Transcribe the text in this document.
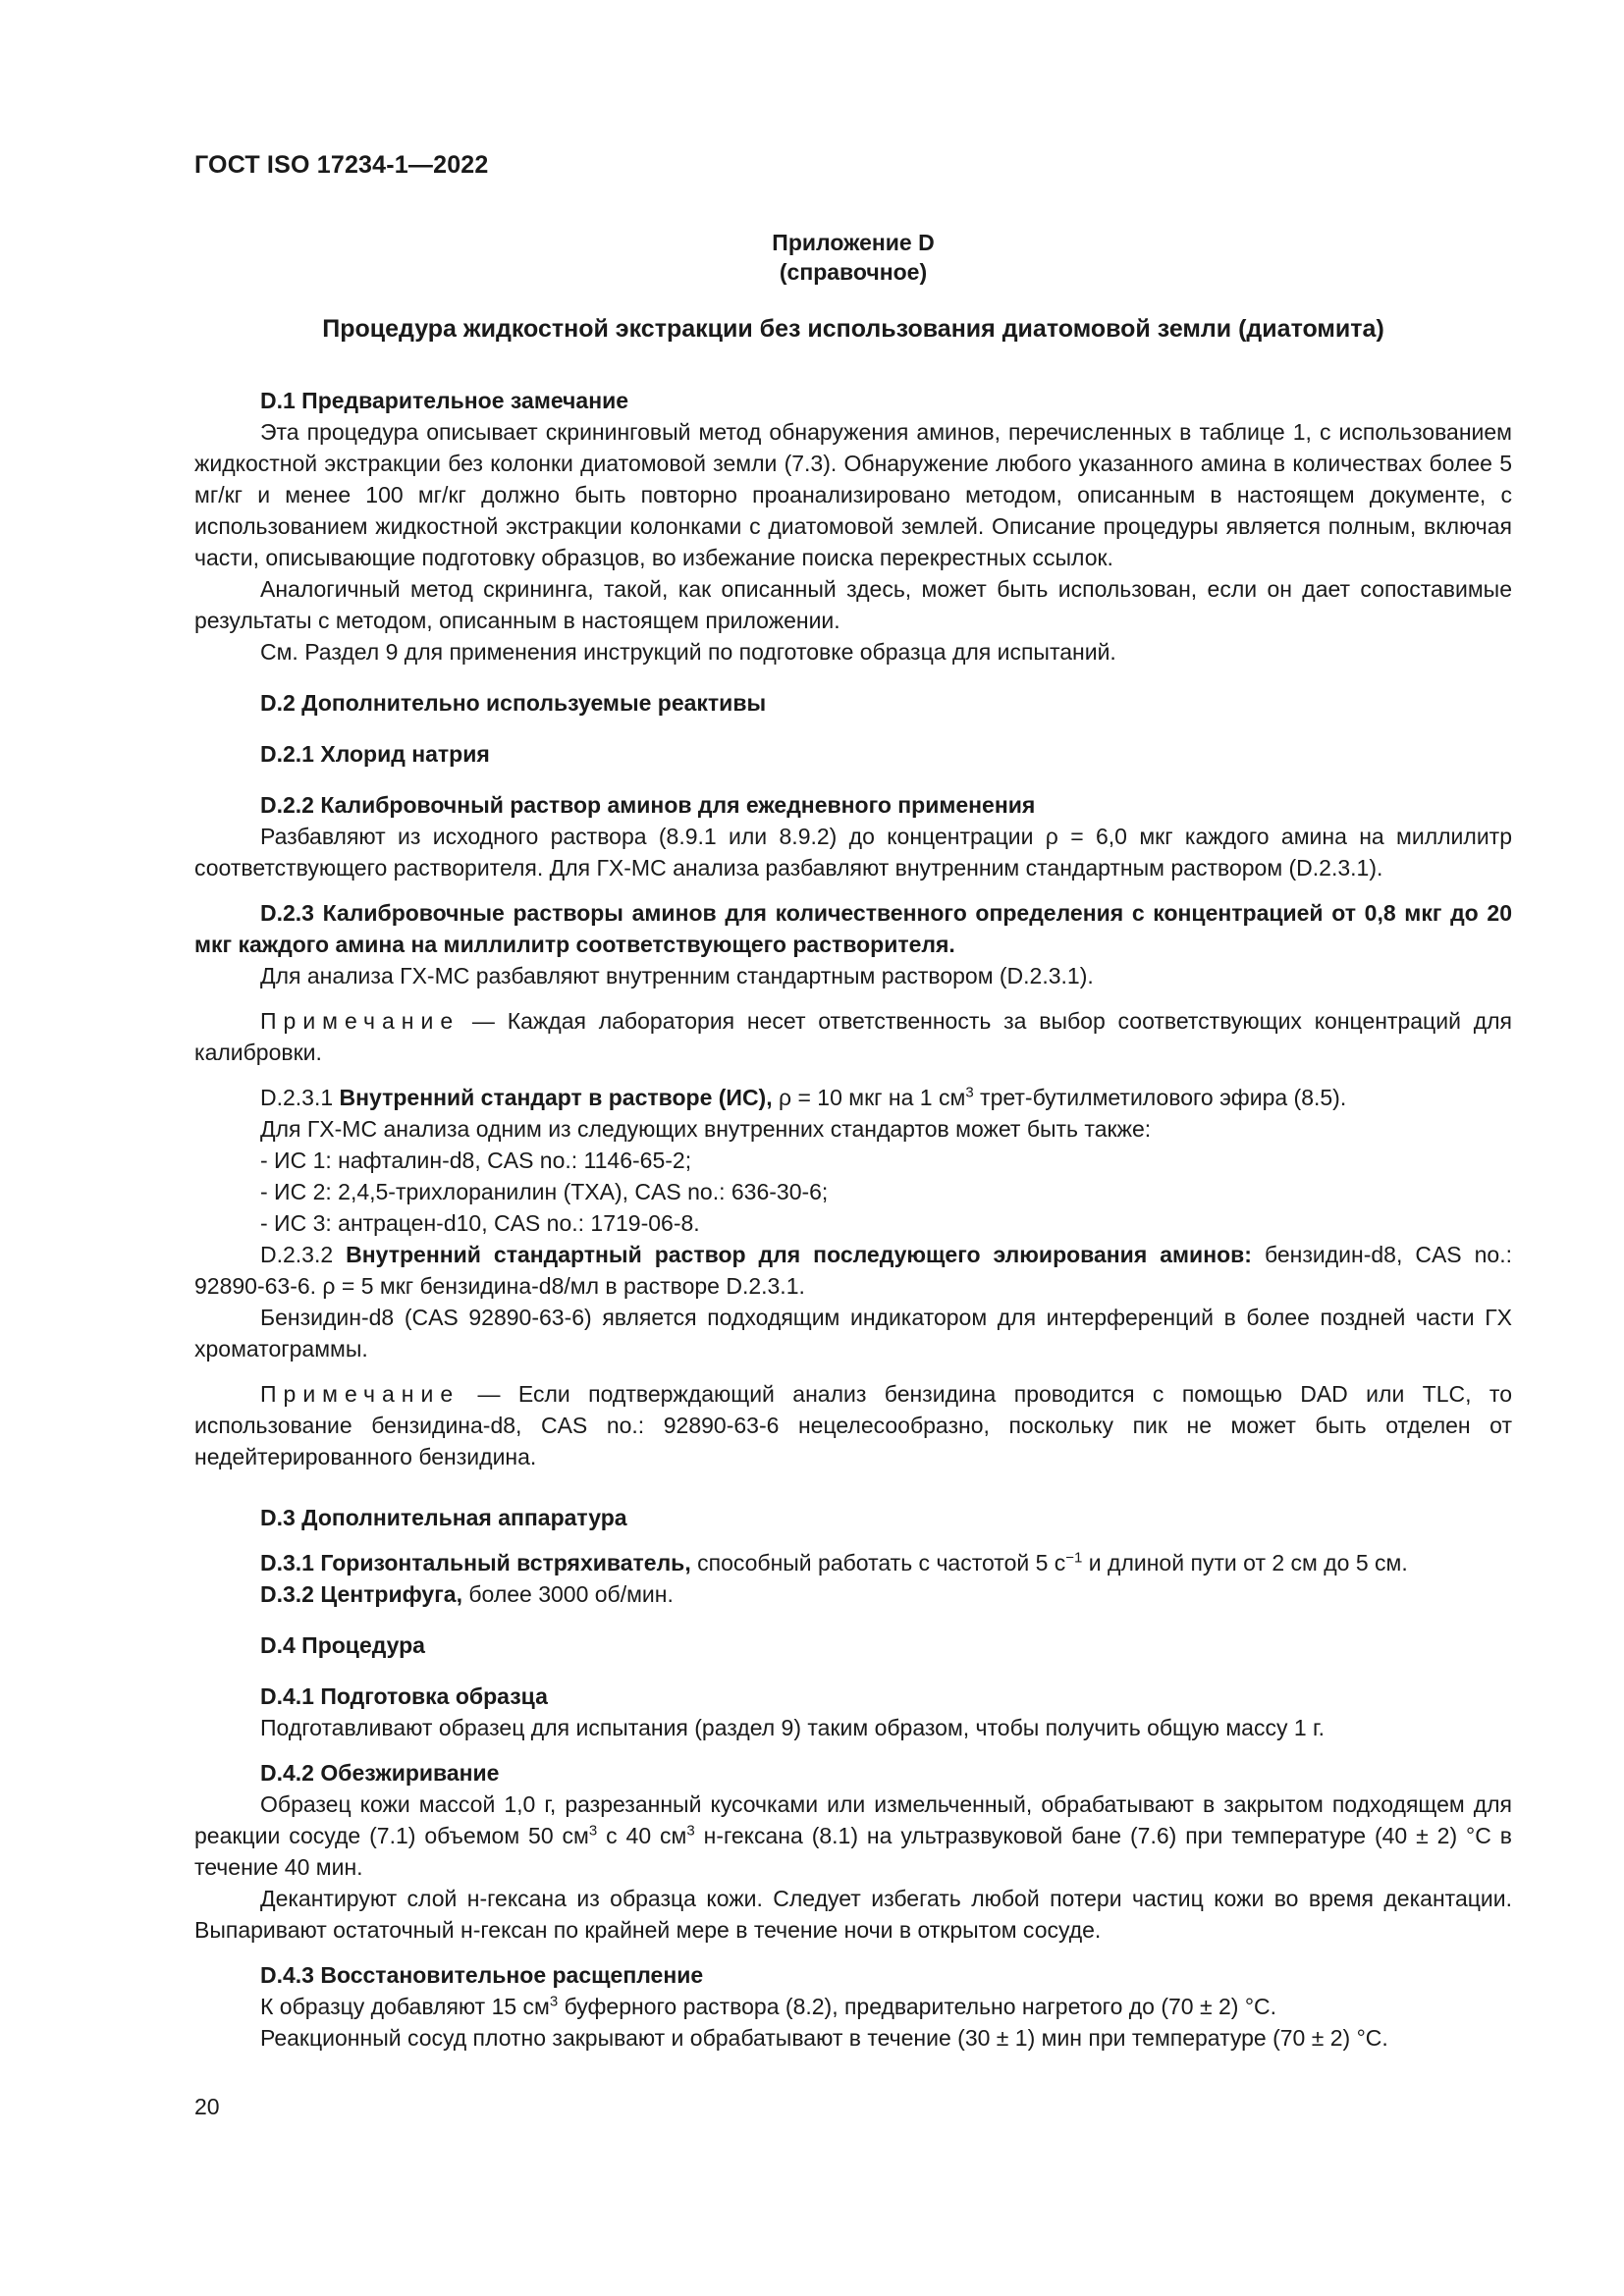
ГОСТ ISO 17234-1—2022
Приложение D
(справочное)
Процедура жидкостной экстракции без использования диатомовой земли (диатомита)

D.1 Предварительное замечание

Эта процедура описывает скрининговый метод обнаружения аминов, перечисленных в таблице 1, с использованием жидкостной экстракции без колонки диатомовой земли (7.3). Обнаружение любого указанного амина в количествах более 5 мг/кг и менее 100 мг/кг должно быть повторно проанализировано методом, описанным в настоящем документе, с использованием жидкостной экстракции колонками с диатомовой землей. Описание процедуры является полным, включая части, описывающие подготовку образцов, во избежание поиска перекрестных ссылок.

Аналогичный метод скрининга, такой, как описанный здесь, может быть использован, если он дает сопоставимые результаты с методом, описанным в настоящем приложении.

См. Раздел 9 для применения инструкций по подготовке образца для испытаний.

D.2 Дополнительно используемые реактивы

D.2.1 Хлорид натрия

D.2.2 Калибровочный раствор аминов для ежедневного применения

Разбавляют из исходного раствора (8.9.1 или 8.9.2) до концентрации ρ = 6,0 мкг каждого амина на миллилитр соответствующего растворителя. Для ГХ-МС анализа разбавляют внутренним стандартным раствором (D.2.3.1).

D.2.3 Калибровочные растворы аминов для количественного определения с концентрацией от 0,8 мкг до 20 мкг каждого амина на миллилитр соответствующего растворителя.

Для анализа ГХ-МС разбавляют внутренним стандартным раствором (D.2.3.1).

Примечание — Каждая лаборатория несет ответственность за выбор соответствующих концентраций для калибровки.

D.2.3.1 Внутренний стандарт в растворе (ИС), ρ = 10 мкг на 1 $см^3$ трет-бутилметилового эфира (8.5).

Для ГХ-МС анализа одним из следующих внутренних стандартов может быть также:

- ИС 1: нафталин-d8, CAS no.: 1146-65-2;

- ИС 2: 2,4,5-трихлоранилин (ТХА), CAS no.: 636-30-6;

- ИС 3: антрацен-d10, CAS no.: 1719-06-8.

D.2.3.2 Внутренний стандартный раствор для последующего элюирования аминов: бензидин-d8, CAS no.: 92890-63-6. ρ = 5 мкг бензидина-d8/мл в растворе D.2.3.1.

Бензидин-d8 (CAS 92890-63-6) является подходящим индикатором для интерференций в более поздней части ГХ хроматограммы.

Примечание — Если подтверждающий анализ бензидина проводится с помощью DAD или TLC, то использование бензидина-d8, CAS no.: 92890-63-6 нецелесообразно, поскольку пик не может быть отделен от недейтерированного бензидина.

D.3 Дополнительная аппаратура

D.3.1 Горизонтальный встряхиватель, способный работать с частотой 5 $с^{-1}$ и длиной пути от 2 см до 5 см.

D.3.2 Центрифуга, более 3000 об/мин.

D.4 Процедура

D.4.1 Подготовка образца

Подготавливают образец для испытания (раздел 9) таким образом, чтобы получить общую массу 1 г.

D.4.2 Обезжиривание

Образец кожи массой 1,0 г, разрезанный кусочками или измельченный, обрабатывают в закрытом подходящем для реакции сосуде (7.1) объемом 50 $см^3$ с 40 $см^3$ н-гексана (8.1) на ультразвуковой бане (7.6) при температуре (40 ± 2) °C в течение 40 мин.

Декантируют слой н-гексана из образца кожи. Следует избегать любой потери частиц кожи во время декантации. Выпаривают остаточный н-гексан по крайней мере в течение ночи в открытом сосуде.

D.4.3 Восстановительное расщепление

К образцу добавляют 15 $см^3$ буферного раствора (8.2), предварительно нагретого до (70 ± 2) °C.

Реакционный сосуд плотно закрывают и обрабатывают в течение (30 ± 1) мин при температуре (70 ± 2) °C.

20
